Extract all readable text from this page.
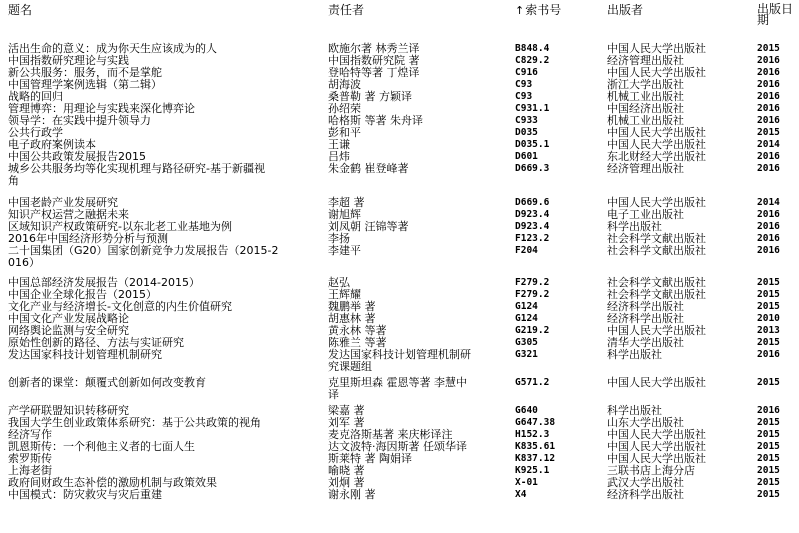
题名	责任者	↑索书号	出版者	出版日
期
活出生命的意义：成为你天生应该成为的人	欧施尔著 林秀兰译	B848.4	中国人民大学出版社	2015
中国指数研究理论与实践	中国指数研究院 著	C829.2	经济管理出版社	2016
新公共服务：服务，而不是掌舵	登哈特等著 丁煌译	C916	中国人民大学出版社	2016
中国管理学案例选辑（第二辑）	胡海波	C93	浙江大学出版社	2016
战略的回归	桑普勒 著 方颖译	C93	机械工业出版社	2016
管理博弈：用理论与实践来深化博弈论	孙绍荣	C931.1	中国经济出版社	2016
领导学：在实践中提升领导力	哈格斯 等著 朱舟译	C933	机械工业出版社	2016
公共行政学	彭和平	D035	中国人民大学出版社	2015
电子政府案例读本	王谦	D035.1	中国人民大学出版社	2014
中国公共政策发展报告2015	吕炜	D601	东北财经大学出版社	2016
城乡公共服务均等化实现机理与路径研究-基于新疆视	朱金鹤 崔登峰著	D669.3	经济管理出版社	2016
角
中国老龄产业发展研究	李超 著	D669.6	中国人民大学出版社	2014
知识产权运营之融据未来	谢旭辉	D923.4	电子工业出版社	2016
区域知识产权政策研究-以东北老工业基地为例	刘凤朝 汪锦等著	D923.4	科学出版社	2016
2016年中国经济形势分析与预测	李扬	F123.2	社会科学文献出版社	2016
二十国集团（G20）国家创新竞争力发展报告（2015-2	李建平	F204	社会科学文献出版社	2016
016）
中国总部经济发展报告（2014-2015）	赵弘	F279.2	社会科学文献出版社	2015
中国企业全球化报告（2015）	王辉耀	F279.2	社会科学文献出版社	2015
文化产业与经济增长-文化创意的内生价值研究	魏鹏举 著	G124	经济科学出版社	2015
中国文化产业发展战略论	胡惠林 著	G124	经济科学出版社	2010
网络舆论监测与安全研究	黄永林 等著	G219.2	中国人民大学出版社	2013
原始性创新的路径、方法与实证研究	陈雅兰 等著	G305	清华大学出版社	2015
发达国家科技计划管理机制研究	发达国家科技计划管理机制研	G321	科学出版社	2016
究课题组
创新者的课堂：颠覆式创新如何改变教育	克里斯坦森 霍恩等著 李慧中	G571.2	中国人民大学出版社	2015
译
产学研联盟知识转移研究	梁嘉 著	G640	科学出版社	2016
我国大学生创业政策体系研究：基于公共政策的视角	刘军 著	G647.38	山东大学出版社	2015
经济写作	麦克洛斯基著 来庆彬译注	H152.3	中国人民大学出版社	2015
凯恩斯传：一个利他主义者的七面人生	达文波特·海因斯著 任颂华译	K835.61	中国人民大学出版社	2015
索罗斯传	斯莱特 著 陶娟译	K837.12	中国人民大学出版社	2015
上海老街	喻晓 著	K925.1	三联书店上海分店	2015
政府间财政生态补偿的激励机制与政策效果	刘炯 著	X-01	武汉大学出版社	2015
中国模式：防灾救灾与灾后重建	谢永刚 著	X4	经济科学出版社	2015
